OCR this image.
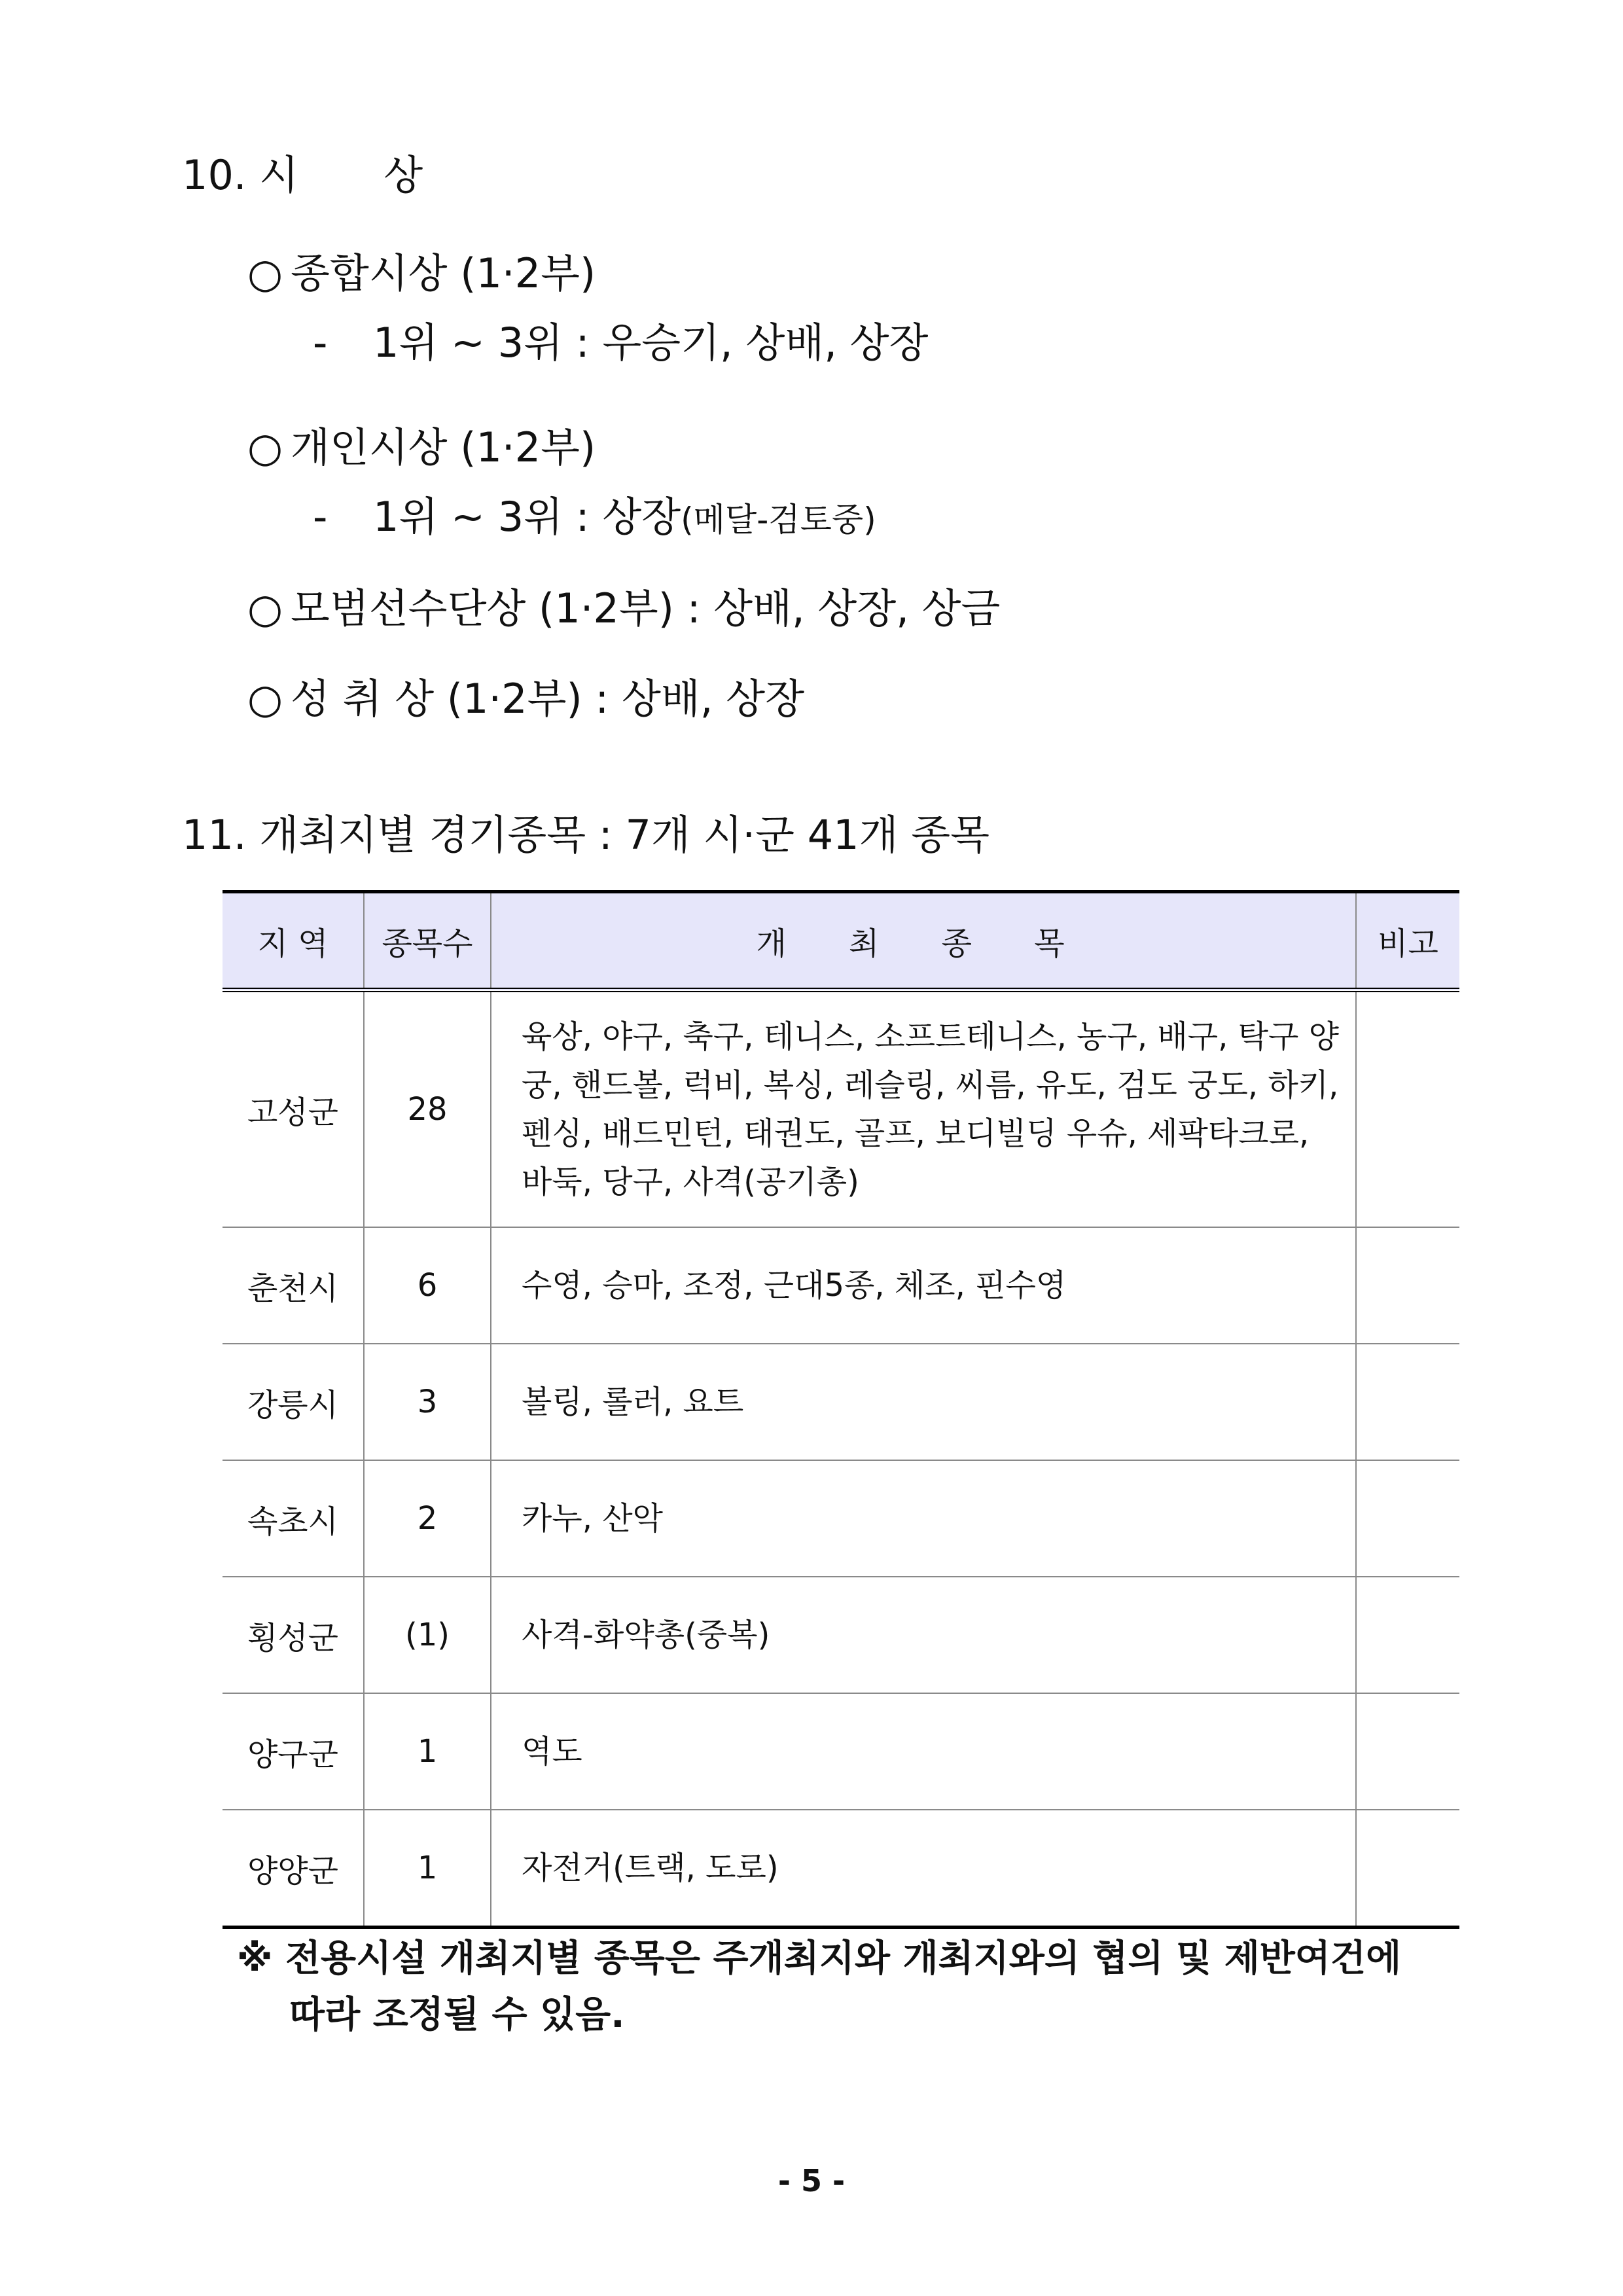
10. 시 상
○ 종합시상 (1·2부)
- 1위 ~ 3위 : 우승기, 상배, 상장
○ 개인시상 (1·2부)
- 1위 ~ 3위 : 상장(메달-검토중)
○ 모범선수단상 (1·2부) : 상배, 상장, 상금
○ 성 취 상 (1·2부) : 상배, 상장
11. 개최지별 경기종목 : 7개 시·군 41개 종목
지 역	종목수	개 최 종 목	비고
고성군	28	육상, 야구, 축구, 테니스, 소프트테니스, 농구, 배구, 탁구 양궁, 핸드볼, 럭비, 복싱, 레슬링, 씨름, 유도, 검도 궁도, 하키, 펜싱, 배드민턴, 태권도, 골프, 보디빌딩 우슈, 세팍타크로, 바둑, 당구, 사격(공기총)	
춘천시	6	수영, 승마, 조정, 근대5종, 체조, 핀수영	
강릉시	3	볼링, 롤러, 요트	
속초시	2	카누, 산악	
횡성군	(1)	사격-화약총(중복)	
양구군	1	역도	
양양군	1	자전거(트랙, 도로)	
※ 전용시설 개최지별 종목은 주개최지와 개최지와의 협의 및 제반여건에
따라 조정될 수 있음.
- 5 -
